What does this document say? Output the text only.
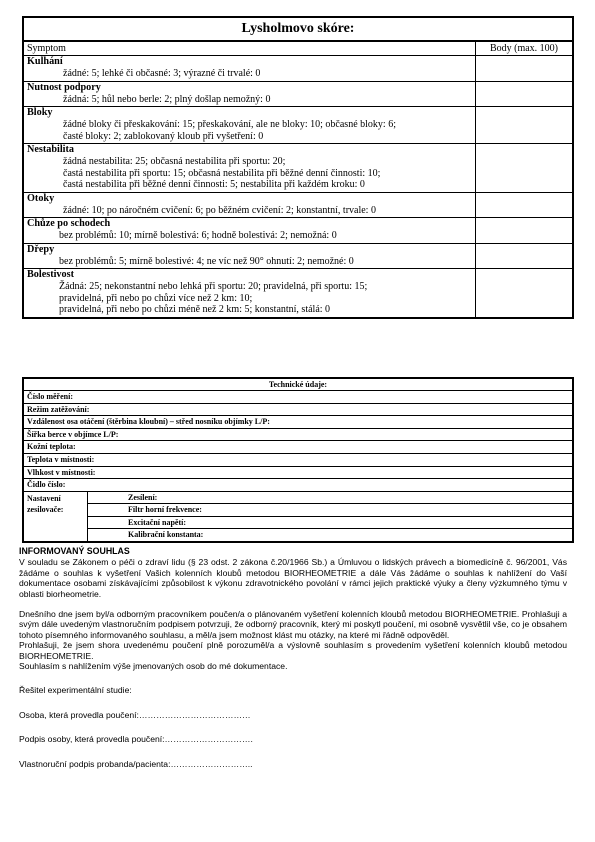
Lysholmovo skóre:
Symptom	Body (max. 100)
Kulhání
žádné: 5; lehké či občasné: 3; výrazné či trvalé: 0
Nutnost podpory
žádná: 5; hůl nebo berle: 2; plný došlap nemožný: 0
Bloky
žádné bloky či přeskakování: 15; přeskakování, ale ne bloky: 10; občasné bloky: 6;
časté bloky: 2; zablokovaný kloub při vyšetření: 0
Nestabilita
žádná nestabilita: 25; občasná nestabilita při sportu: 20;
častá nestabilita při sportu: 15; občasná nestabilita při běžné denní činnosti: 10;
častá nestabilita při běžné denní činnosti: 5; nestabilita při každém kroku: 0
Otoky
žádné: 10; po náročném cvičení: 6; po běžném cvičení: 2; konstantní, trvale: 0
Chůze po schodech
bez problémů: 10; mírně bolestivá: 6; hodně bolestivá: 2; nemožná: 0
Dřepy
bez problémů: 5; mírně bolestivé: 4; ne víc než 90° ohnutí: 2; nemožné: 0
Bolestivost
Žádná: 25; nekonstantní nebo lehká při sportu: 20; pravidelná, při sportu: 15;
pravidelná, při nebo po chůzi více než 2 km: 10;
pravidelná, při nebo po chůzi méně než 2 km: 5; konstantní, stálá: 0
Technické údaje:
Číslo měření:
Režim zatěžování:
Vzdálenost osa otáčení (štěrbina kloubní) – střed nosníku objímky L/P:
Šířka berce v objímce L/P:
Kožní teplota:
Teplota v místnosti:
Vlhkost v místnosti:
Čidlo číslo:
Nastavení zesilovače:
Zesílení:
Filtr horní frekvence:
Excitační napětí:
Kalibrační konstanta:
INFORMOVANÝ SOUHLAS

V souladu se Zákonem o péči o zdraví lidu (§ 23 odst. 2 zákona č.20/1966 Sb.) a Úmluvou o lidských právech a biomedicíně č. 96/2001, Vás žádáme o souhlas k vyšetření Vašich kolenních kloubů metodou BIORHEOMETRIE a dále Vás žádáme o souhlas k nahlížení do Vaší dokumentace osobami získávajícími způsobilost k výkonu zdravotnického povolání v rámci jejich praktické výuky a členy výzkumného týmu v oblasti biorheometrie.

Dnešního dne jsem byl/a odborným pracovníkem poučen/a o plánovaném vyšetření kolenních kloubů metodou BIORHEOMETRIE. Prohlašuji a svým dále uvedeným vlastnoručním podpisem potvrzuji, že odborný pracovník, který mi poskytl poučení, mi osobně vysvětlil vše, co je obsahem tohoto písemného informovaného souhlasu, a měl/a jsem možnost klást mu otázky, na které mi řádně odpověděl.

Prohlašuji, že jsem shora uvedenému poučení plně porozuměl/a a výslovně souhlasím s provedením vyšetření kolenních kloubů metodou BIORHEOMETRIE.

Souhlasím s nahlížením výše jmenovaných osob do mé dokumentace.

Řešitel experimentální studie:

Osoba, která provedla poučení:…………………………………

Podpis osoby, která provedla poučení:………………………….

Vlastnoruční podpis probanda/pacienta:………………………..
